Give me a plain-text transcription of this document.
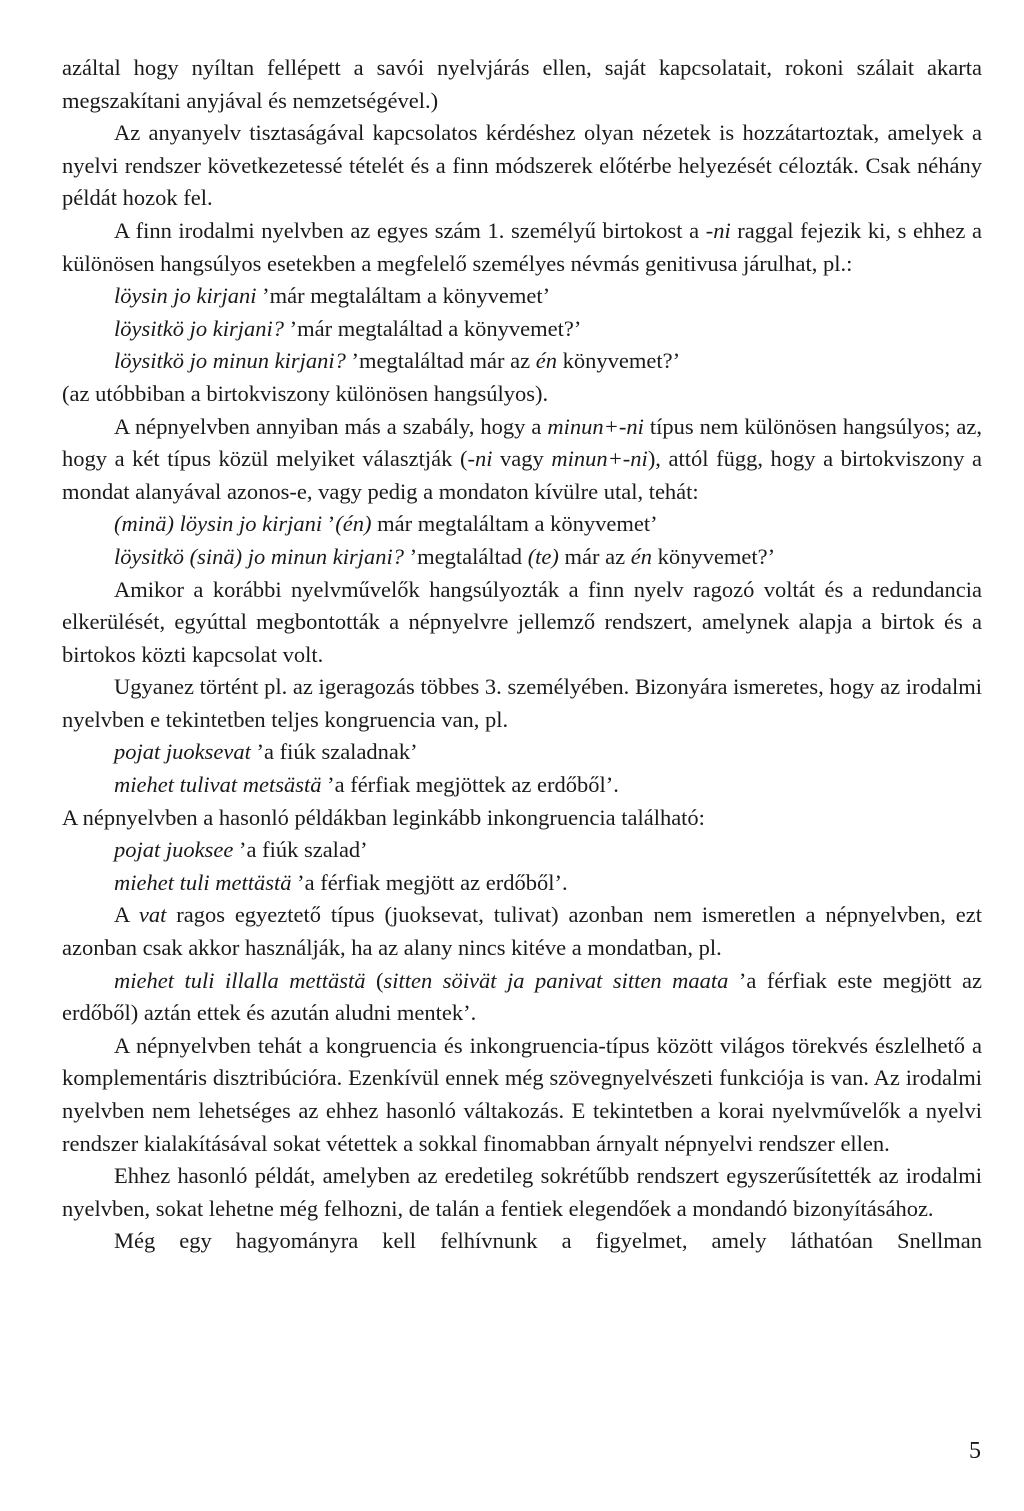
azáltal hogy nyíltan fellépett a savói nyelvjárás ellen, saját kapcsolatait, rokoni szálait akarta megszakítani anyjával és nemzetségével.)

Az anyanyelv tisztaságával kapcsolatos kérdéshez olyan nézetek is hozzátartoztak, amelyek a nyelvi rendszer következetessé tételét és a finn módszerek előtérbe helyezését célozták. Csak néhány példát hozok fel.

A finn irodalmi nyelvben az egyes szám 1. személyű birtokost a -ni raggal fejezik ki, s ehhez a különösen hangsúlyos esetekben a megfelelő személyes névmás genitivusa járulhat, pl.:

löysin jo kirjani ’már megtaláltam a könyvemet’

löysitkö jo kirjani? ’már megtaláltad a könyvemet?’

löysitkö jo minun kirjani? ’megtaláltad már az én könyvemet?’

(az utóbbiban a birtokviszony különösen hangsúlyos).

A népnyelvben annyiban más a szabály, hogy a minun+-ni típus nem különösen hangsúlyos; az, hogy a két típus közül melyiket választják (-ni vagy minun+-ni), attól függ, hogy a birtokviszony a mondat alanyával azonos-e, vagy pedig a mondaton kívülre utal, tehát:

(minä) löysin jo kirjani ’(én) már megtaláltam a könyvemet’

löysitkö (sinä) jo minun kirjani? ’megtaláltad (te) már az én könyvemet?’

Amikor a korábbi nyelvművelők hangsúlyozták a finn nyelv ragozó voltát és a redundancia elkerülését, egyúttal megbontották a népnyelvre jellemző rendszert, amelynek alapja a birtok és a birtokos közti kapcsolat volt.

Ugyanez történt pl. az igeragozás többes 3. személyében. Bizonyára ismeretes, hogy az irodalmi nyelvben e tekintetben teljes kongruencia van, pl.

pojat juoksevat ’a fiúk szaladnak’

miehet tulivat metsästä ’a férfiak megjöttek az erdőből’.

A népnyelvben a hasonló példákban leginkább inkongruencia található:

pojat juoksee ’a fiúk szalad’

miehet tuli mettästä ’a férfiak megjött az erdőből’.

A vat ragos egyeztető típus (juoksevat, tulivat) azonban nem ismeretlen a népnyelvben, ezt azonban csak akkor használják, ha az alany nincs kitéve a mondatban, pl.

miehet tuli illalla mettästä (sitten söivät ja panivat sitten maata ’a férfiak este megjött az erdőből) aztán ettek és azután aludni mentek’.

A népnyelvben tehát a kongruencia és inkongruencia-típus között világos törekvés észlelhető a komplementáris disztribúcióra. Ezenkívül ennek még szövegnyelvészeti funkciója is van. Az irodalmi nyelvben nem lehetséges az ehhez hasonló váltakozás. E tekintetben a korai nyelvművelők a nyelvi rendszer kialakításával sokat vétettek a sokkal finomabban árnyalt népnyelvi rendszer ellen.

Ehhez hasonló példát, amelyben az eredetileg sokrétűbb rendszert egyszerűsítették az irodalmi nyelvben, sokat lehetne még felhozni, de talán a fentiek elegendőek a mondandó bizonyításához.

Még egy hagyományra kell felhívnunk a figyelmet, amely láthatóan Snellman

5
